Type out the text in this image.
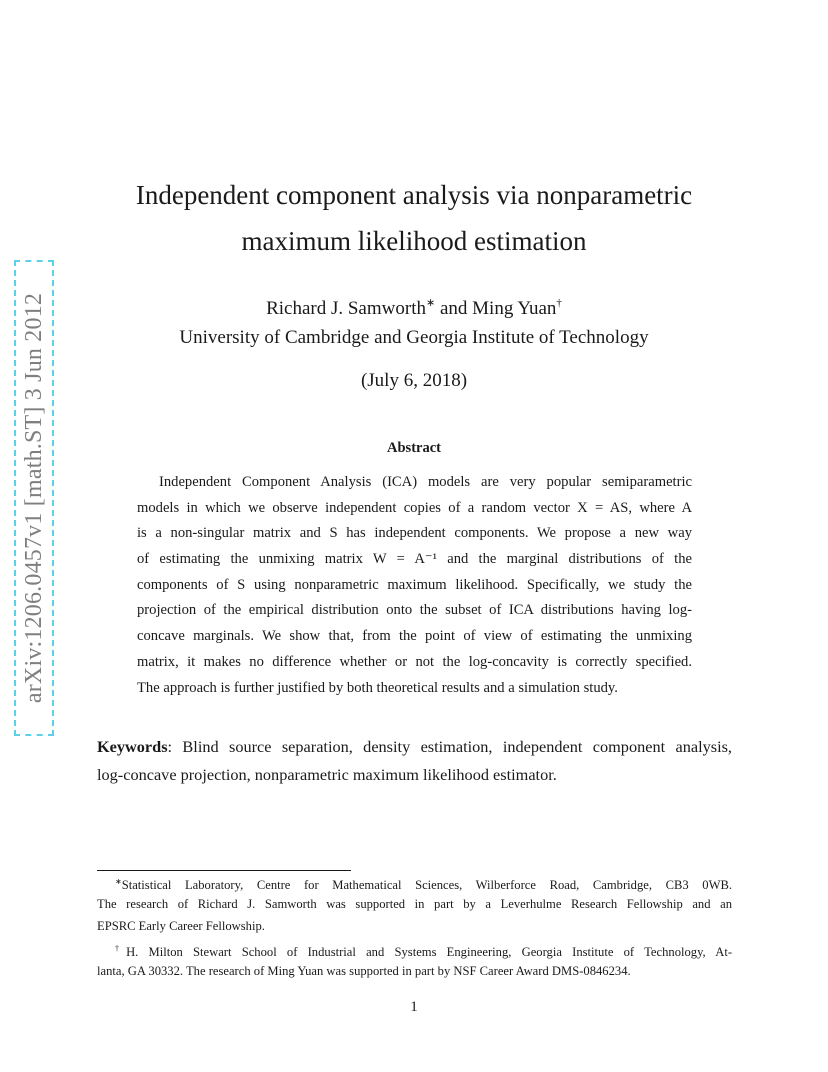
arXiv:1206.0457v1 [math.ST] 3 Jun 2012
Independent component analysis via nonparametric
maximum likelihood estimation
Richard J. Samworth∗ and Ming Yuan†
University of Cambridge and Georgia Institute of Technology
(July 6, 2018)
Abstract
Independent Component Analysis (ICA) models are very popular semiparametric
models in which we observe independent copies of a random vector X = AS, where A
is a non-singular matrix and S has independent components. We propose a new way
of estimating the unmixing matrix W = A⁻¹ and the marginal distributions of the
components of S using nonparametric maximum likelihood. Specifically, we study the
projection of the empirical distribution onto the subset of ICA distributions having log-
concave marginals. We show that, from the point of view of estimating the unmixing
matrix, it makes no difference whether or not the log-concavity is correctly specified.
The approach is further justified by both theoretical results and a simulation study.
Keywords: Blind source separation, density estimation, independent component analysis,
log-concave projection, nonparametric maximum likelihood estimator.
∗Statistical Laboratory, Centre for Mathematical Sciences, Wilberforce Road, Cambridge, CB3 0WB.
The research of Richard J. Samworth was supported in part by a Leverhulme Research Fellowship and an
EPSRC Early Career Fellowship.
†H. Milton Stewart School of Industrial and Systems Engineering, Georgia Institute of Technology, At-
lanta, GA 30332. The research of Ming Yuan was supported in part by NSF Career Award DMS-0846234.
1
